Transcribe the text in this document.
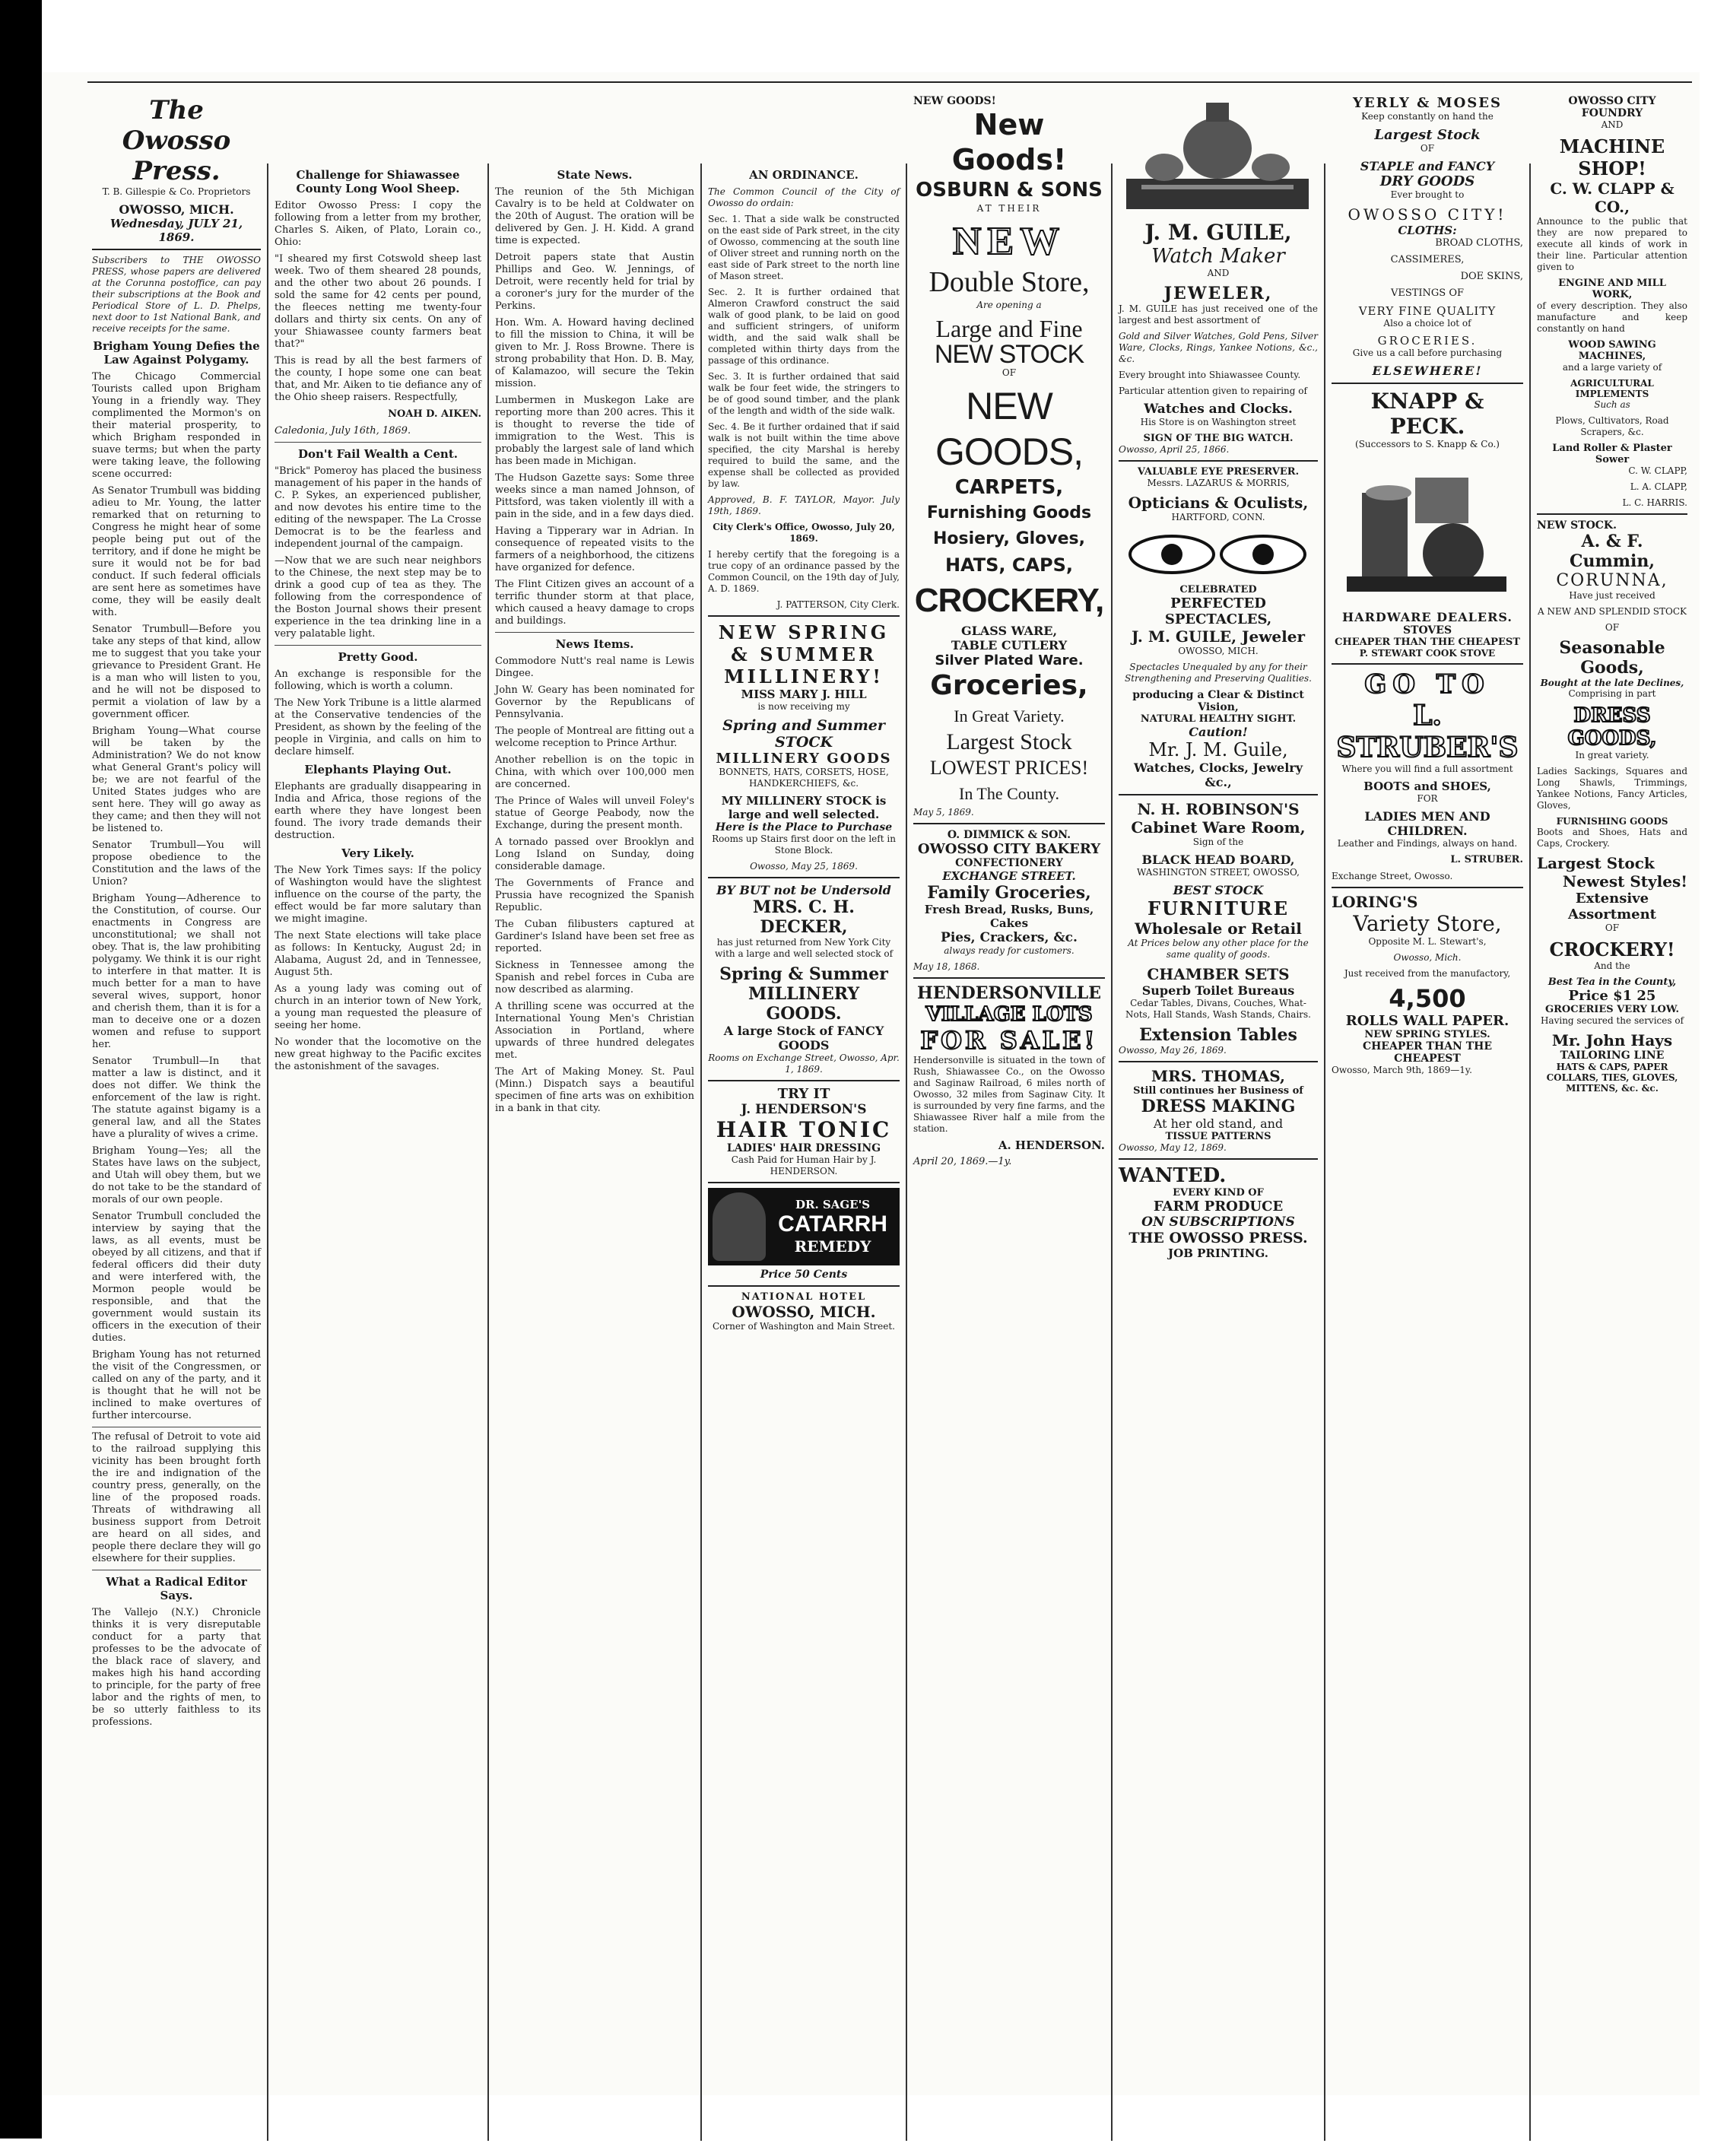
The Owosso Press.
T. B. Gillespie & Co. Proprietors
OWOSSO, MICH.
Wednesday, JULY 21, 1869.

Subscribers to THE OWOSSO PRESS, whose papers are delivered at the Corunna postoffice, can pay their subscriptions at the Book and Periodical Store of L. D. Phelps, next door to 1st National Bank, and receive receipts for the same.

Brigham Young Defies the Law Against Polygamy.

The Chicago Commercial Tourists called upon Brigham Young in a friendly way. They complimented the Mormon's on their material prosperity, to which Brigham responded in suave terms; but when the party were taking leave, the following scene occurred:

As Senator Trumbull was bidding adieu to Mr. Young, the latter remarked that on returning to Congress he might hear of some people being put out of the territory, and if done he might be sure it would not be for bad conduct. If such federal officials are sent here as sometimes have come, they will be easily dealt with.

Senator Trumbull—Before you take any steps of that kind, allow me to suggest that you take your grievance to President Grant. He is a man who will listen to you, and he will not be disposed to permit a violation of law by a government officer.

Brigham Young—What course will be taken by the Administration? We do not know what General Grant's policy will be; we are not fearful of the United States judges who are sent here. They will go away as they came; and then they will not be listened to.

Senator Trumbull—You will propose obedience to the Constitution and the laws of the Union?

Brigham Young—Adherence to the Constitution, of course. Our enactments in Congress are unconstitutional; we shall not obey. That is, the law prohibiting polygamy. We think it is our right to interfere in that matter. It is much better for a man to have several wives, support, honor and cherish them, than it is for a man to deceive one or a dozen women and refuse to support her.

Senator Trumbull—In that matter a law is distinct, and it does not differ. We think the enforcement of the law is right. The statute against bigamy is a general law, and all the States have a plurality of wives a crime.

Brigham Young—Yes; all the States have laws on the subject, and Utah will obey them, but we do not take to be the standard of morals of our own people.

Senator Trumbull concluded the interview by saying that the laws, as all events, must be obeyed by all citizens, and that if federal officers did their duty and were interfered with, the Mormon people would be responsible, and that the government would sustain its officers in the execution of their duties.

Brigham Young has not returned the visit of the Congressmen, or called on any of the party, and it is thought that he will not be inclined to make overtures of further intercourse.

The refusal of Detroit to vote aid to the railroad supplying this vicinity has been brought forth the ire and indignation of the country press, generally, on the line of the proposed roads. Threats of withdrawing all business support from Detroit are heard on all sides, and people there declare they will go elsewhere for their supplies.

What a Radical Editor Says.

The Vallejo (N.Y.) Chronicle thinks it is very disreputable conduct for a party that professes to be the advocate of the black race of slavery, and makes high his hand according to principle, for the party of free labor and the rights of men, to be so utterly faithless to its professions.

Challenge for Shiawassee County Long Wool Sheep.

Editor Owosso Press: I copy the following from a letter from my brother, Charles S. Aiken, of Plato, Lorain co., Ohio:

"I sheared my first Cotswold sheep last week. Two of them sheared 28 pounds, and the other two about 26 pounds. I sold the same for 42 cents per pound, the fleeces netting me twenty-four dollars and thirty six cents. On any of your Shiawassee county farmers beat that?"

This is read by all the best farmers of the county, I hope some one can beat that, and Mr. Aiken to tie defiance any of the Ohio sheep raisers. Respectfully,

NOAH D. AIKEN.
Caledonia, July 16th, 1869.
Don't Fail Wealth a Cent.

"Brick" Pomeroy has placed the business management of his paper in the hands of C. P. Sykes, an experienced publisher, and now devotes his entire time to the editing of the newspaper. The La Crosse Democrat is to be the fearless and independent journal of the campaign.

—Now that we are such near neighbors to the Chinese, the next step may be to drink a good cup of tea as they. The following from the correspondence of the Boston Journal shows their present experience in the tea drinking line in a very palatable light.

Pretty Good.

An exchange is responsible for the following, which is worth a column.

The New York Tribune is a little alarmed at the Conservative tendencies of the President, as shown by the feeling of the people in Virginia, and calls on him to declare himself.

Elephants Playing Out.

Elephants are gradually disappearing in India and Africa, those regions of the earth where they have longest been found. The ivory trade demands their destruction.

Very Likely.

The New York Times says: If the policy of Washington would have the slightest influence on the course of the party, the effect would be far more salutary than we might imagine.

The next State elections will take place as follows: In Kentucky, August 2d; in Alabama, August 2d, and in Tennessee, August 5th.

As a young lady was coming out of church in an interior town of New York, a young man requested the pleasure of seeing her home.

No wonder that the locomotive on the new great highway to the Pacific excites the astonishment of the savages.

State News.

The reunion of the 5th Michigan Cavalry is to be held at Coldwater on the 20th of August. The oration will be delivered by Gen. J. H. Kidd. A grand time is expected.

Detroit papers state that Austin Phillips and Geo. W. Jennings, of Detroit, were recently held for trial by a coroner's jury for the murder of the Perkins.

Hon. Wm. A. Howard having declined to fill the mission to China, it will be given to Mr. J. Ross Browne. There is strong probability that Hon. D. B. May, of Kalamazoo, will secure the Tekin mission.

Lumbermen in Muskegon Lake are reporting more than 200 acres. This it is thought to reverse the tide of immigration to the West. This is probably the largest sale of land which has been made in Michigan.

The Hudson Gazette says: Some three weeks since a man named Johnson, of Pittsford, was taken violently ill with a pain in the side, and in a few days died.

Having a Tipperary war in Adrian. In consequence of repeated visits to the farmers of a neighborhood, the citizens have organized for defence.

The Flint Citizen gives an account of a terrific thunder storm at that place, which caused a heavy damage to crops and buildings.

News Items.

Commodore Nutt's real name is Lewis Dingee.

John W. Geary has been nominated for Governor by the Republicans of Pennsylvania.

The people of Montreal are fitting out a welcome reception to Prince Arthur.

Another rebellion is on the topic in China, with which over 100,000 men are concerned.

The Prince of Wales will unveil Foley's statue of George Peabody, now the Exchange, during the present month.

A tornado passed over Brooklyn and Long Island on Sunday, doing considerable damage.

The Governments of France and Prussia have recognized the Spanish Republic.

The Cuban filibusters captured at Gardiner's Island have been set free as reported.

Sickness in Tennessee among the Spanish and rebel forces in Cuba are now described as alarming.

A thrilling scene was occurred at the International Young Men's Christian Association in Portland, where upwards of three hundred delegates met.

The Art of Making Money. St. Paul (Minn.) Dispatch says a beautiful specimen of fine arts was on exhibition in a bank in that city.

AN ORDINANCE.

The Common Council of the City of Owosso do ordain:

Sec. 1. That a side walk be constructed on the east side of Park street, in the city of Owosso, commencing at the south line of Oliver street and running north on the east side of Park street to the north line of Mason street.

Sec. 2. It is further ordained that Almeron Crawford construct the said walk of good plank, to be laid on good and sufficient stringers, of uniform width, and the said walk shall be completed within thirty days from the passage of this ordinance.

Sec. 3. It is further ordained that said walk be four feet wide, the stringers to be of good sound timber, and the plank of the length and width of the side walk.

Sec. 4. Be it further ordained that if said walk is not built within the time above specified, the city Marshal is hereby required to build the same, and the expense shall be collected as provided by law.

Approved, B. F. TAYLOR, Mayor. July 19th, 1869.
City Clerk's Office, Owosso, July 20, 1869.

I hereby certify that the foregoing is a true copy of an ordinance passed by the Common Council, on the 19th day of July, A. D. 1869.

J. PATTERSON, City Clerk.
NEW SPRING & SUMMER MILLINERY!
MISS MARY J. HILL
is now receiving my
Spring and Summer STOCK
MILLINERY GOODS
BONNETS, HATS, CORSETS, HOSE, HANDKERCHIEFS, &c.
MY MILLINERY STOCK is large and well selected.
Here is the Place to Purchase
Rooms up Stairs first door on the left in Stone Block.
Owosso, May 25, 1869.
BY BUT not be Undersold
MRS. C. H. DECKER,
has just returned from New York City with a large and well selected stock of
Spring & Summer MILLINERY GOODS.
A large Stock of FANCY GOODS
Rooms on Exchange Street, Owosso, Apr. 1, 1869.
TRY IT
J. HENDERSON'S
HAIR TONIC
LADIES' HAIR DRESSING
Cash Paid for Human Hair by J. HENDERSON.
DR. SAGE'S
CATARRH
REMEDY
Price 50 Cents
NATIONAL HOTEL
OWOSSO, MICH.
Corner of Washington and Main Street.
NEW GOODS!
New Goods!
OSBURN & SONS
AT THEIR
NEW
Double Store,
Are opening a
Large and Fine
NEW STOCK
OF
NEW GOODS,
CARPETS,
Furnishing Goods
Hosiery, Gloves,
HATS, CAPS,
CROCKERY,
GLASS WARE,
TABLE CUTLERY
Silver Plated Ware.
Groceries,
In Great Variety.
Largest Stock
LOWEST PRICES!
In The County.
May 5, 1869.
O. DIMMICK & SON.
OWOSSO CITY BAKERY
CONFECTIONERY
EXCHANGE STREET.
Family Groceries,
Fresh Bread, Rusks, Buns, Cakes
Pies, Crackers, &c.
always ready for customers.
May 18, 1868.
HENDERSONVILLE
VILLAGE LOTS
FOR SALE!

Hendersonville is situated in the town of Rush, Shiawassee Co., on the Owosso and Saginaw Railroad, 6 miles north of Owosso, 32 miles from Saginaw City. It is surrounded by very fine farms, and the Shiawassee River half a mile from the station.

A. HENDERSON.
April 20, 1869.—1y.
J. M. GUILE,
Watch Maker
AND
JEWELER,

J. M. GUILE has just received one of the largest and best assortment of

Gold and Silver Watches, Gold Pens, Silver Ware, Clocks, Rings, Yankee Notions, &c., &c.

Every brought into Shiawassee County.

Particular attention given to repairing of

Watches and Clocks.
His Store is on Washington street
SIGN OF THE BIG WATCH.
Owosso, April 25, 1866.
VALUABLE EYE PRESERVER.
Messrs. LAZARUS & MORRIS,
Opticians & Oculists,
HARTFORD, CONN.
CELEBRATED
PERFECTED SPECTACLES,
J. M. GUILE, Jeweler
OWOSSO, MICH.

Spectacles Unequaled by any for their Strengthening and Preserving Qualities.

producing a Clear & Distinct Vision,
NATURAL HEALTHY SIGHT.
Caution!
Mr. J. M. Guile,
Watches, Clocks, Jewelry &c.,
N. H. ROBINSON'S
Cabinet Ware Room,
Sign of the
BLACK HEAD BOARD,
WASHINGTON STREET, OWOSSO,
BEST STOCK
FURNITURE
Wholesale or Retail
At Prices below any other place for the same quality of goods.
CHAMBER SETS
Superb Toilet Bureaus
Cedar Tables, Divans, Couches, What-Nots, Hall Stands, Wash Stands, Chairs.
Extension Tables
Owosso, May 26, 1869.
MRS. THOMAS,
Still continues her Business of
DRESS MAKING
At her old stand, and
TISSUE PATTERNS
Owosso, May 12, 1869.
WANTED.
EVERY KIND OF
FARM PRODUCE
ON SUBSCRIPTIONS
THE OWOSSO PRESS.
JOB PRINTING.
YERLY & MOSES
Keep constantly on hand the
Largest Stock
OF
STAPLE and FANCY
DRY GOODS
Ever brought to
OWOSSO CITY!
CLOTHS:
BROAD CLOTHS,
CASSIMERES,
DOE SKINS,
VESTINGS OF
VERY FINE QUALITY
Also a choice lot of
GROCERIES.
Give us a call before purchasing
ELSEWHERE!
KNAPP & PECK.
(Successors to S. Knapp & Co.)
HARDWARE DEALERS.
STOVES
CHEAPER THAN THE CHEAPEST
P. STEWART COOK STOVE
GO TO
L. STRUBER'S
Where you will find a full assortment
BOOTS and SHOES,
FOR
LADIES MEN AND CHILDREN.
Leather and Findings, always on hand.
L. STRUBER.
Exchange Street, Owosso.
LORING'S
Variety Store,
Opposite M. L. Stewart's,
Owosso, Mich.
Just received from the manufactory,
4,500
ROLLS WALL PAPER.
NEW SPRING STYLES.
CHEAPER THAN THE CHEAPEST
Owosso, March 9th, 1869—1y.
OWOSSO CITY FOUNDRY
AND
MACHINE SHOP!
C. W. CLAPP & CO.,

Announce to the public that they are now prepared to execute all kinds of work in their line. Particular attention given to

ENGINE AND MILL WORK,

of every description. They also manufacture and keep constantly on hand

WOOD SAWING MACHINES,
and a large variety of
AGRICULTURAL IMPLEMENTS
Such as
Plows, Cultivators, Road Scrapers, &c.
Land Roller & Plaster Sower
C. W. CLAPP,
L. A. CLAPP,
L. C. HARRIS.
NEW STOCK.
A. & F. Cummin,
CORUNNA,
Have just received
A NEW AND SPLENDID STOCK
OF
Seasonable Goods,
Bought at the late Declines,
Comprising in part
DRESS GOODS,
In great variety.

Ladies Sackings, Squares and Long Shawls, Trimmings, Yankee Notions, Fancy Articles, Gloves,

FURNISHING GOODS

Boots and Shoes, Hats and Caps, Crockery.

Largest Stock
Newest Styles!
Extensive Assortment
OF
CROCKERY!
And the
Best Tea in the County,
Price $1 25
GROCERIES VERY LOW.
Having secured the services of
Mr. John Hays
TAILORING LINE
HATS & CAPS, PAPER COLLARS, TIES, GLOVES, MITTENS, &c. &c.
